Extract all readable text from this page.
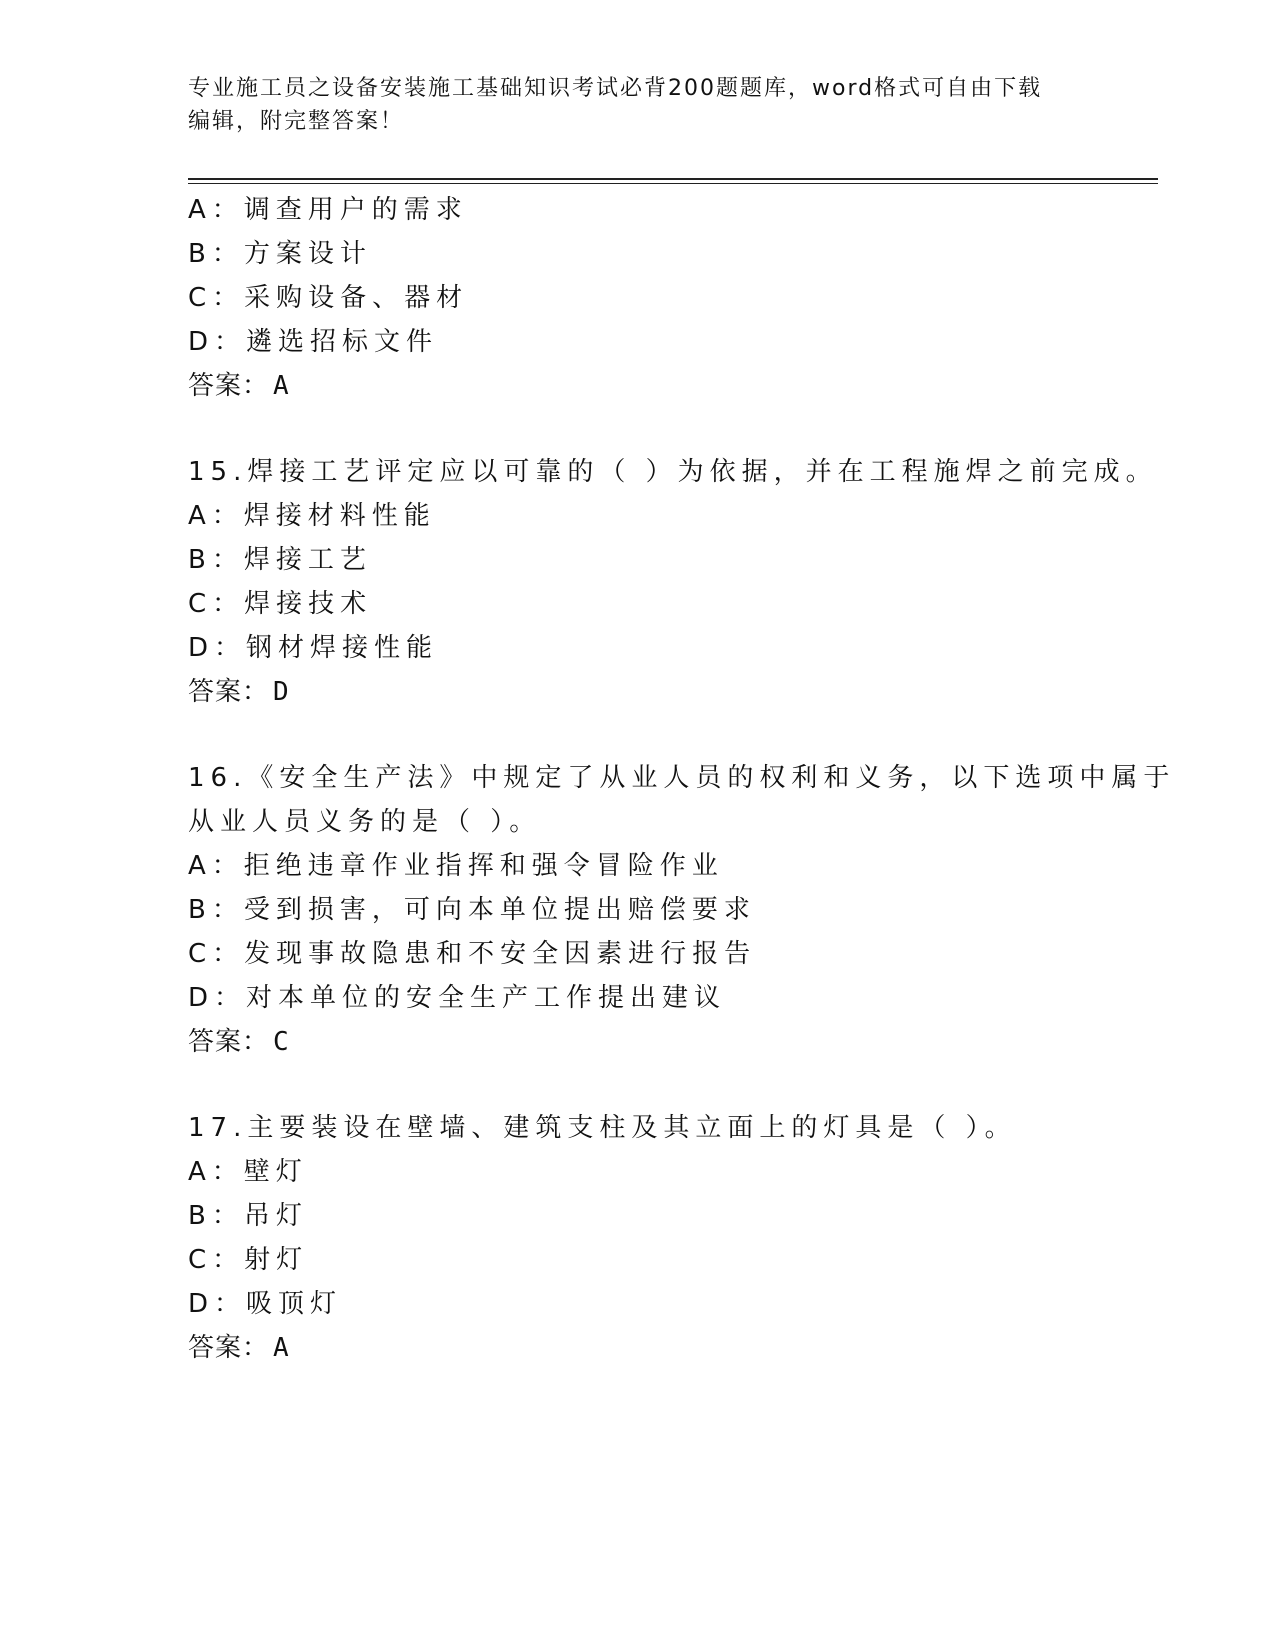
专业施工员之设备安装施工基础知识考试必背200题题库，word格式可自由下载
编辑，附完整答案！
A：调查用户的需求
B：方案设计
C：采购设备、器材
D：遴选招标文件
答案： A
15.焊接工艺评定应以可靠的（ ）为依据，并在工程施焊之前完成。
A：焊接材料性能
B：焊接工艺
C：焊接技术
D：钢材焊接性能
答案： D
16.《安全生产法》中规定了从业人员的权利和义务，以下选项中属于
从业人员义务的是（ ）。
A：拒绝违章作业指挥和强令冒险作业
B：受到损害，可向本单位提出赔偿要求
C：发现事故隐患和不安全因素进行报告
D：对本单位的安全生产工作提出建议
答案： C
17.主要装设在壁墙、建筑支柱及其立面上的灯具是（ ）。
A：壁灯
B：吊灯
C：射灯
D：吸顶灯
答案： A
